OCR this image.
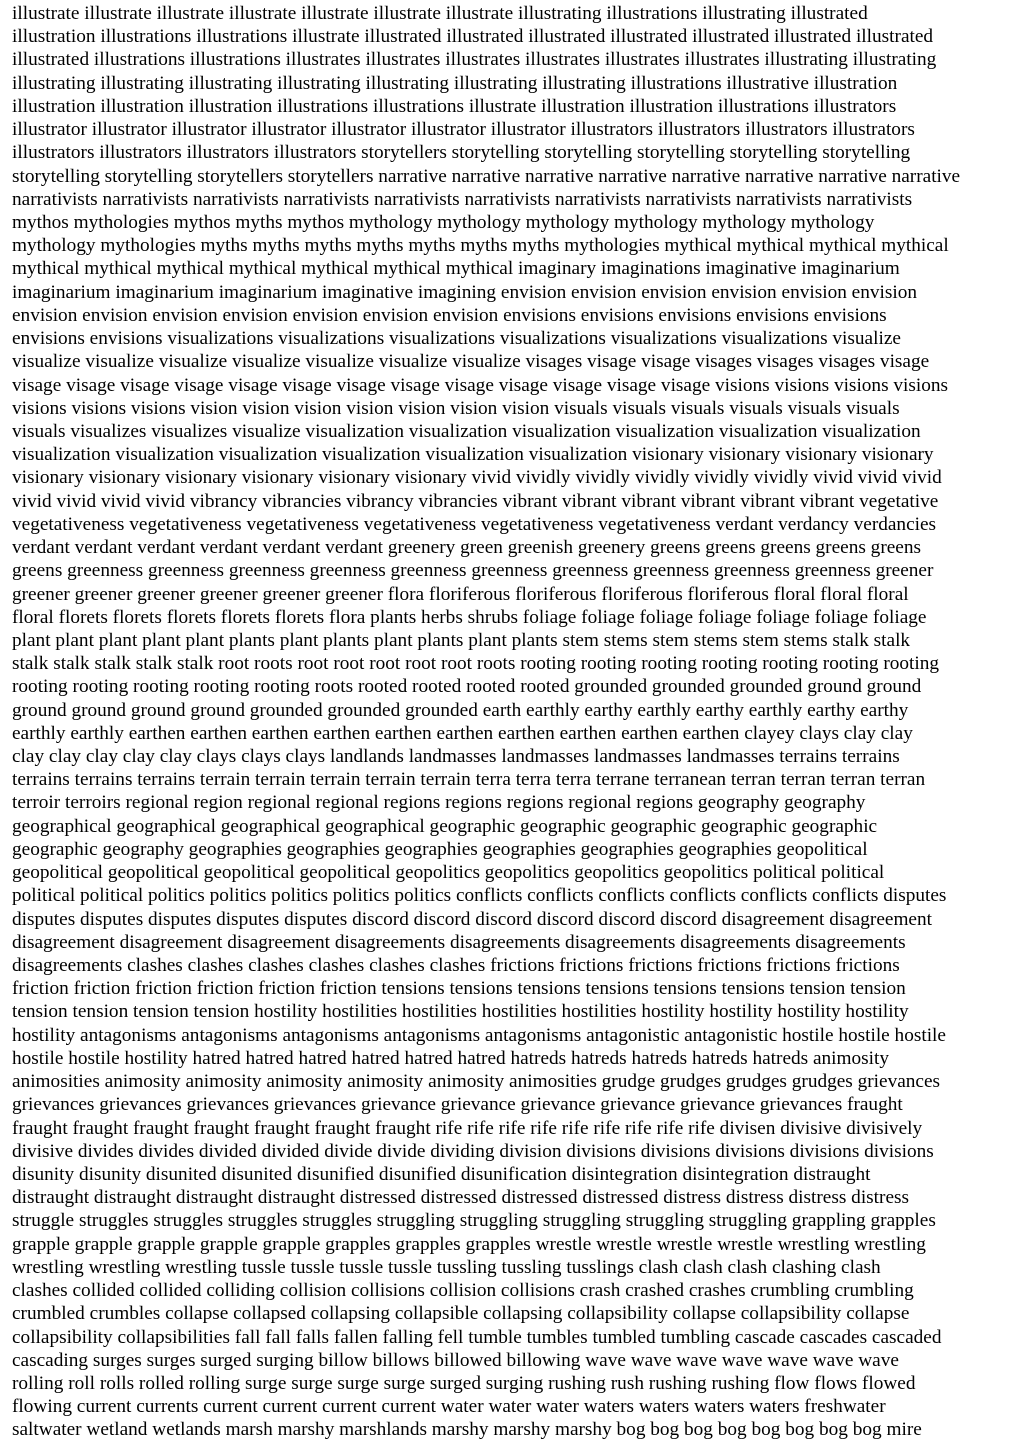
illustrate illustrate illustrate illustrate illustrate illustrate illustrate illustrating illustrations illustrating illustrated

illustration illustrations illustrations illustrate illustrated illustrated illustrated illustrated illustrated illustrated illustrated

illustrated illustrations illustrations illustrates illustrates illustrates illustrates illustrates illustrates illustrating illustrating

illustrating illustrating illustrating illustrating illustrating illustrating illustrating illustrations illustrative illustration

illustration illustration illustration illustrations illustrations illustrate illustration illustration illustrations illustrators

illustrator illustrator illustrator illustrator illustrator illustrator illustrator illustrators illustrators illustrators illustrators

illustrators illustrators illustrators illustrators storytellers storytelling storytelling storytelling storytelling storytelling

storytelling storytelling storytellers storytellers narrative narrative narrative narrative narrative narrative narrative narrative

narrativists narrativists narrativists narrativists narrativists narrativists narrativists narrativists narrativists narrativists

mythos mythologies mythos myths mythos mythology mythology mythology mythology mythology mythology

mythology mythologies myths myths myths myths myths myths myths mythologies mythical mythical mythical mythical

mythical mythical mythical mythical mythical mythical mythical imaginary imaginations imaginative imaginarium

imaginarium imaginarium imaginarium imaginative imagining envision envision envision envision envision envision

envision envision envision envision envision envision envision envisions envisions envisions envisions envisions

envisions envisions visualizations visualizations visualizations visualizations visualizations visualizations visualize

visualize visualize visualize visualize visualize visualize visualize visages visage visage visages visages visages visage

visage visage visage visage visage visage visage visage visage visage visage visage visage visions visions visions visions

visions visions visions vision vision vision vision vision vision vision visuals visuals visuals visuals visuals visuals

visuals visualizes visualizes visualize visualization visualization visualization visualization visualization visualization

visualization visualization visualization visualization visualization visualization visionary visionary visionary visionary

visionary visionary visionary visionary visionary visionary vivid vividly vividly vividly vividly vividly vivid vivid vivid

vivid vivid vivid vivid vibrancy vibrancies vibrancy vibrancies vibrant vibrant vibrant vibrant vibrant vibrant vegetative

vegetativeness vegetativeness vegetativeness vegetativeness vegetativeness vegetativeness verdant verdancy verdancies

verdant verdant verdant verdant verdant verdant greenery green greenish greenery greens greens greens greens greens

greens greenness greenness greenness greenness greenness greenness greenness greenness greenness greenness greener

greener greener greener greener greener greener flora floriferous floriferous floriferous floriferous floral floral floral

floral florets florets florets florets florets flora plants herbs shrubs foliage foliage foliage foliage foliage foliage foliage

plant plant plant plant plant plants plant plants plant plants plant plants stem stems stem stems stem stems stalk stalk

stalk stalk stalk stalk stalk root roots root root root root root roots rooting rooting rooting rooting rooting rooting rooting

rooting rooting rooting rooting rooting roots rooted rooted rooted rooted grounded grounded grounded ground ground

ground ground ground ground grounded grounded grounded earth earthly earthy earthly earthy earthly earthy earthy

earthly earthly earthen earthen earthen earthen earthen earthen earthen earthen earthen earthen clayey clays clay clay

clay clay clay clay clay clays clays clays landlands landmasses landmasses landmasses landmasses terrains terrains

terrains terrains terrains terrain terrain terrain terrain terrain terra terra terra terrane terranean terran terran terran terran

terroir terroirs regional region regional regional regions regions regions regional regions geography geography

geographical geographical geographical geographical geographic geographic geographic geographic geographic

geographic geography geographies geographies geographies geographies geographies geographies geopolitical

geopolitical geopolitical geopolitical geopolitical geopolitics geopolitics geopolitics geopolitics political political

political political politics politics politics politics politics conflicts conflicts conflicts conflicts conflicts conflicts disputes

disputes disputes disputes disputes disputes discord discord discord discord discord discord disagreement disagreement

disagreement disagreement disagreement disagreements disagreements disagreements disagreements disagreements

disagreements clashes clashes clashes clashes clashes clashes frictions frictions frictions frictions frictions frictions

friction friction friction friction friction friction tensions tensions tensions tensions tensions tensions tension tension

tension tension tension tension hostility hostilities hostilities hostilities hostilities hostility hostility hostility hostility

hostility antagonisms antagonisms antagonisms antagonisms antagonisms antagonistic antagonistic hostile hostile hostile

hostile hostile hostility hatred hatred hatred hatred hatred hatred hatreds hatreds hatreds hatreds hatreds animosity

animosities animosity animosity animosity animosity animosity animosities grudge grudges grudges grudges grievances

grievances grievances grievances grievances grievance grievance grievance grievance grievance grievances fraught

fraught fraught fraught fraught fraught fraught fraught rife rife rife rife rife rife rife rife rife divisen divisive divisively

divisive divides divides divided divided divide divide dividing division divisions divisions divisions divisions divisions

disunity disunity disunited disunited disunified disunified disunification disintegration disintegration distraught

distraught distraught distraught distraught distressed distressed distressed distressed distress distress distress distress

struggle struggles struggles struggles struggles struggling struggling struggling struggling struggling grappling grapples

grapple grapple grapple grapple grapple grapples grapples grapples wrestle wrestle wrestle wrestle wrestling wrestling

wrestling wrestling wrestling tussle tussle tussle tussle tussling tussling tusslings clash clash clash clashing clash

clashes collided collided colliding collision collisions collision collisions crash crashed crashes crumbling crumbling

crumbled crumbles collapse collapsed collapsing collapsible collapsing collapsibility collapse collapsibility collapse

collapsibility collapsibilities fall fall falls fallen falling fell tumble tumbles tumbled tumbling cascade cascades cascaded

cascading surges surges surged surging billow billows billowed billowing wave wave wave wave wave wave wave

rolling roll rolls rolled rolling surge surge surge surge surged surging rushing rush rushing rushing flow flows flowed

flowing current currents current current current current water water water waters waters waters waters freshwater

saltwater wetland wetlands marsh marshy marshlands marshy marshy marshy bog bog bog bog bog bog bog bog mire
